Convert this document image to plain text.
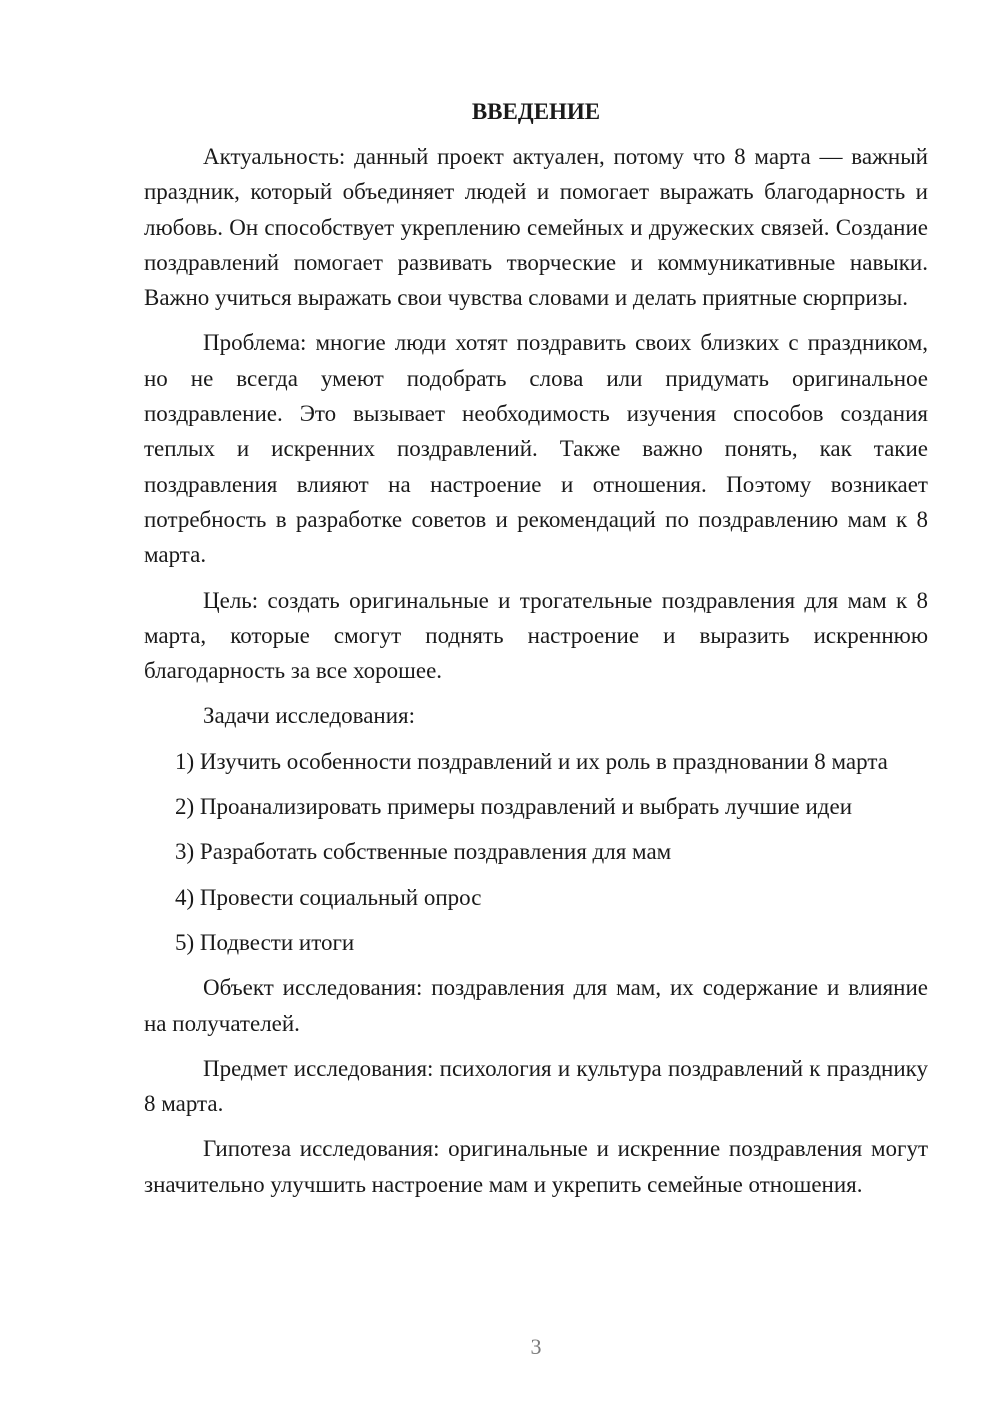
ВВЕДЕНИЕ

Актуальность: данный проект актуален, потому что 8 марта — важный праздник, который объединяет людей и помогает выражать благодарность и любовь. Он способствует укреплению семейных и дружеских связей. Создание поздравлений помогает развивать творческие и коммуникативные навыки. Важно учиться выражать свои чувства словами и делать приятные сюрпризы.

Проблема: многие люди хотят поздравить своих близких с праздником, но не всегда умеют подобрать слова или придумать оригинальное поздравление. Это вызывает необходимость изучения способов создания теплых и искренних поздравлений. Также важно понять, как такие поздравления влияют на настроение и отношения. Поэтому возникает потребность в разработке советов и рекомендаций по поздравлению мам к 8 марта.

Цель: создать оригинальные и трогательные поздравления для мам к 8 марта, которые смогут поднять настроение и выразить искреннюю благодарность за все хорошее.

Задачи исследования:

1) Изучить особенности поздравлений и их роль в праздновании 8 марта

2) Проанализировать примеры поздравлений и выбрать лучшие идеи

3) Разработать собственные поздравления для мам

4) Провести социальный опрос

5) Подвести итоги

Объект исследования: поздравления для мам, их содержание и влияние на получателей.

Предмет исследования: психология и культура поздравлений к празднику 8 марта.

Гипотеза исследования: оригинальные и искренние поздравления могут значительно улучшить настроение мам и укрепить семейные отношения.

3
